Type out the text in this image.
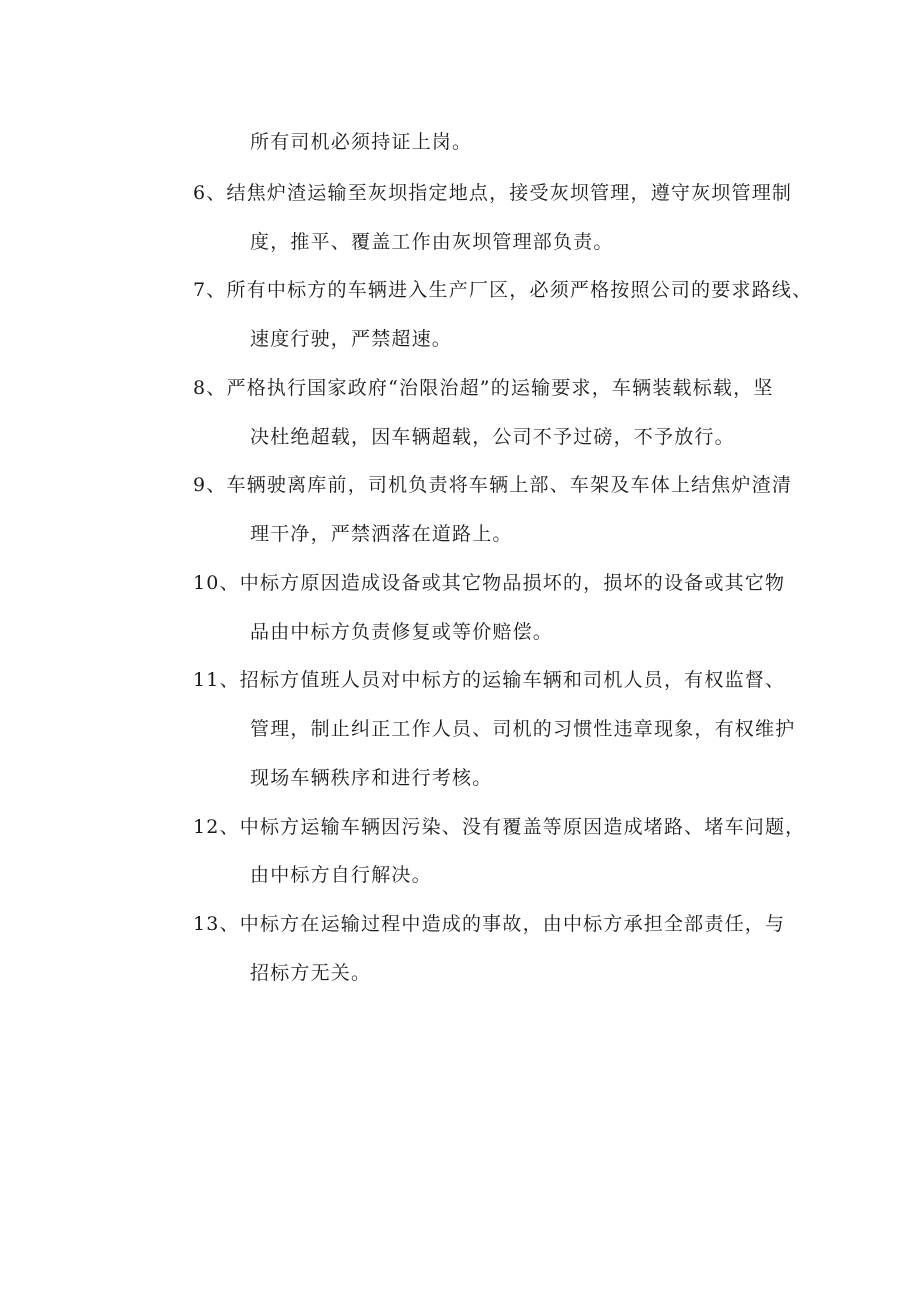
所有司机必须持证上岗。
6、结焦炉渣运输至灰坝指定地点，接受灰坝管理，遵守灰坝管理制
度，推平、覆盖工作由灰坝管理部负责。
7、所有中标方的车辆进入生产厂区，必须严格按照公司的要求路线、
速度行驶，严禁超速。
8、严格执行国家政府“治限治超”的运输要求，车辆装载标载，坚
决杜绝超载，因车辆超载，公司不予过磅，不予放行。
9、车辆驶离库前，司机负责将车辆上部、车架及车体上结焦炉渣清
理干净，严禁洒落在道路上。
10、中标方原因造成设备或其它物品损坏的，损坏的设备或其它物
品由中标方负责修复或等价赔偿。
11、招标方值班人员对中标方的运输车辆和司机人员，有权监督、
管理，制止纠正工作人员、司机的习惯性违章现象，有权维护
现场车辆秩序和进行考核。
12、中标方运输车辆因污染、没有覆盖等原因造成堵路、堵车问题，
由中标方自行解决。
13、中标方在运输过程中造成的事故，由中标方承担全部责任，与
招标方无关。
